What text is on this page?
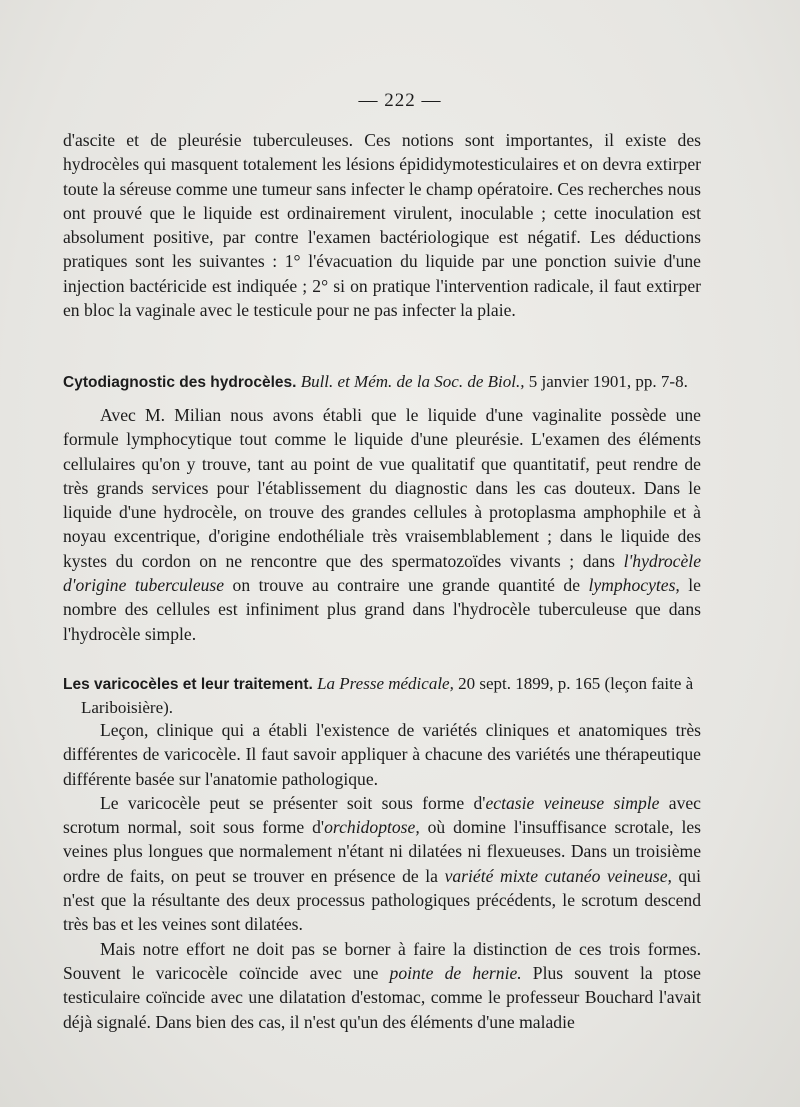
— 222 —

d'ascite et de pleurésie tuberculeuses. Ces notions sont importantes, il existe des hydrocèles qui masquent totalement les lésions épididymotesticulaires et on devra extirper toute la séreuse comme une tumeur sans infecter le champ opératoire. Ces recherches nous ont prouvé que le liquide est ordinairement virulent, inoculable ; cette inoculation est absolument positive, par contre l'examen bactériologique est négatif. Les déductions pratiques sont les suivantes : 1° l'évacuation du liquide par une ponction suivie d'une injection bactéricide est indiquée ; 2° si on pratique l'intervention radicale, il faut extirper en bloc la vaginale avec le testicule pour ne pas infecter la plaie.

Cytodiagnostic des hydrocèles. Bull. et Mém. de la Soc. de Biol., 5 janvier 1901, pp. 7-8.

Avec M. Milian nous avons établi que le liquide d'une vaginalite possède une formule lymphocytique tout comme le liquide d'une pleurésie. L'examen des éléments cellulaires qu'on y trouve, tant au point de vue qualitatif que quantitatif, peut rendre de très grands services pour l'établissement du diagnostic dans les cas douteux. Dans le liquide d'une hydrocèle, on trouve des grandes cellules à protoplasma amphophile et à noyau excentrique, d'origine endothéliale très vraisemblablement ; dans le liquide des kystes du cordon on ne rencontre que des spermatozoïdes vivants ; dans l'hydrocèle d'origine tuberculeuse on trouve au contraire une grande quantité de lymphocytes, le nombre des cellules est infiniment plus grand dans l'hydrocèle tuberculeuse que dans l'hydrocèle simple.

Les varicocèles et leur traitement. La Presse médicale, 20 sept. 1899, p. 165 (leçon faite à Lariboisière).

Leçon, clinique qui a établi l'existence de variétés cliniques et anatomiques très différentes de varicocèle. Il faut savoir appliquer à chacune des variétés une thérapeutique différente basée sur l'anatomie pathologique.

Le varicocèle peut se présenter soit sous forme d'ectasie veineuse simple avec scrotum normal, soit sous forme d'orchidoptose, où domine l'insuffisance scrotale, les veines plus longues que normalement n'étant ni dilatées ni flexueuses. Dans un troisième ordre de faits, on peut se trouver en présence de la variété mixte cutanéo veineuse, qui n'est que la résultante des deux processus pathologiques précédents, le scrotum descend très bas et les veines sont dilatées.

Mais notre effort ne doit pas se borner à faire la distinction de ces trois formes. Souvent le varicocèle coïncide avec une pointe de hernie. Plus souvent la ptose testiculaire coïncide avec une dilatation d'estomac, comme le professeur Bouchard l'avait déjà signalé. Dans bien des cas, il n'est qu'un des éléments d'une maladie
